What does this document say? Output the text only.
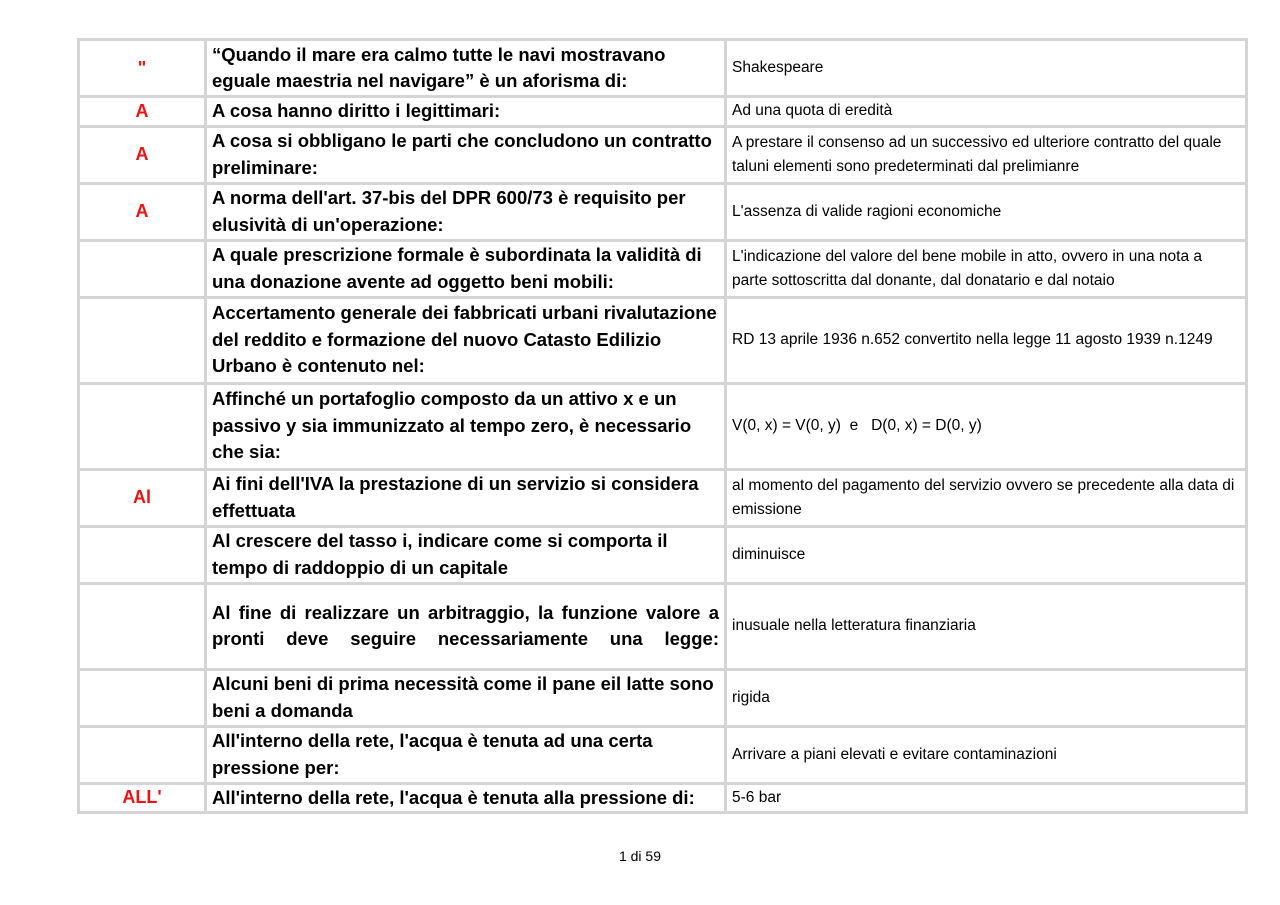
"	“Quando il mare era calmo tutte le navi mostravano eguale maestria nel navigare” è un aforisma di:	Shakespeare
A	A cosa hanno diritto i legittimari:	Ad una quota di eredità
A	A cosa si obbligano le parti che concludono un contratto preliminare:	A prestare il consenso ad un successivo ed ulteriore contratto del quale taluni elementi sono predeterminati dal prelimianre
A	A norma dell'art. 37-bis del DPR 600/73 è requisito per elusività di un'operazione:	L'assenza di valide ragioni economiche
	A quale prescrizione formale è subordinata la validità di una donazione avente ad oggetto beni mobili:	L'indicazione del valore del bene mobile in atto, ovvero in una nota a parte sottoscritta dal donante, dal donatario e dal notaio
	Accertamento generale dei fabbricati urbani rivalutazione del reddito e formazione del nuovo Catasto Edilizio Urbano è contenuto nel:	RD 13 aprile 1936 n.652 convertito nella legge 11 agosto 1939 n.1249
	Affinché un portafoglio composto da un attivo x e un passivo y sia immunizzato al tempo zero, è necessario che sia:	V(0, x) = V(0, y)  e   D(0, x) = D(0, y)
Al	Ai fini dell'IVA la prestazione di un servizio si considera effettuata	al momento del pagamento del servizio ovvero se precedente alla data di emissione
	Al crescere del tasso i, indicare come si comporta il tempo di raddoppio di un capitale	diminuisce
	Al fine di realizzare un arbitraggio, la funzione valore a pronti deve seguire necessariamente una legge:	inusuale nella letteratura finanziaria
	Alcuni beni di prima necessità come il pane eil latte sono beni a domanda	rigida
	All'interno della rete, l'acqua è tenuta ad una certa pressione per:	Arrivare a piani elevati e evitare contaminazioni
ALL'	All'interno della rete, l'acqua è tenuta alla pressione di:	5-6 bar
1 di 59
